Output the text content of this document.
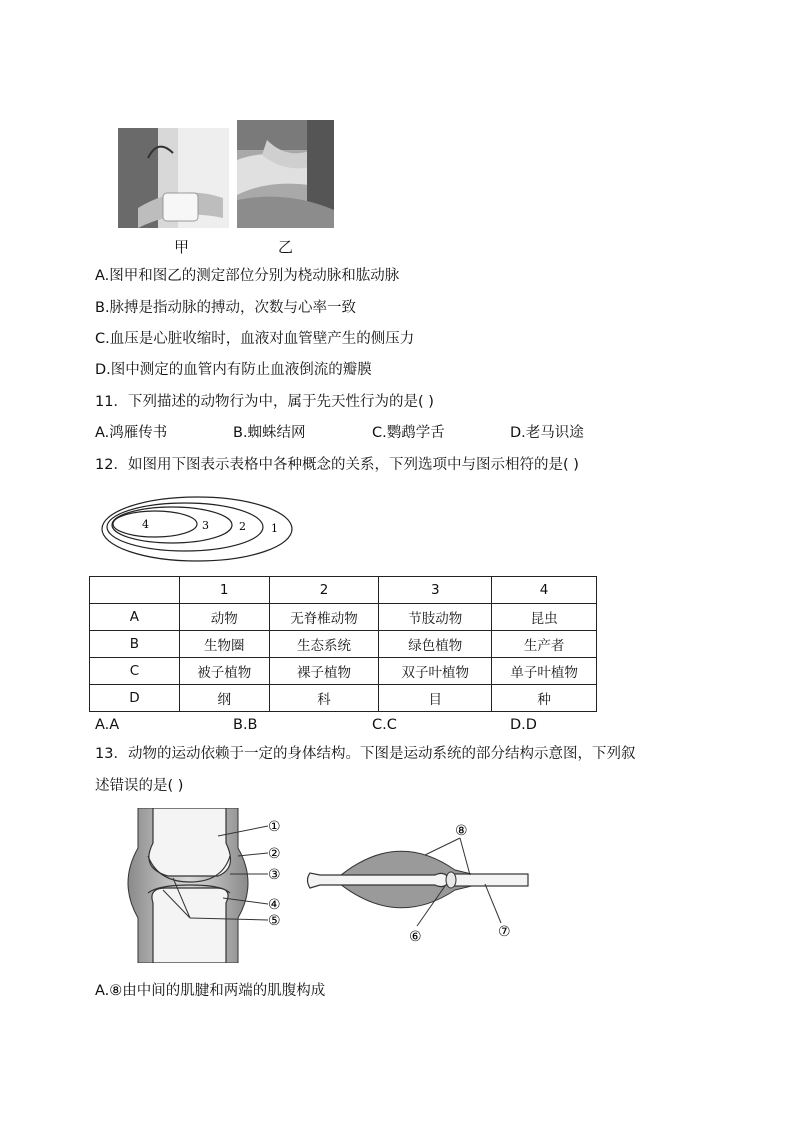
甲	乙
A.图甲和图乙的测定部位分别为桡动脉和肱动脉
B.脉搏是指动脉的搏动，次数与心率一致
C.血压是心脏收缩时，血液对血管壁产生的侧压力
D.图中测定的血管内有防止血液倒流的瓣膜
11．下列描述的动物行为中，属于先天性行为的是( )
A.鸿雁传书	B.蜘蛛结网	C.鹦鹉学舌	D.老马识途
12．如图用下图表示表格中各种概念的关系，下列选项中与图示相符的是( )
4	3	2 1
	1	2	3	4
A	动物	无脊椎动物	节肢动物	昆虫
B	生物圈	生态系统	绿色植物	生产者
C	被子植物	裸子植物	双子叶植物	单子叶植物
D	纲	科	目	种
A.A	B.B	C.C	D.D
13．动物的运动依赖于一定的身体结构。下图是运动系统的部分结构示意图，下列叙
述错误的是( )
①
②
③
④
⑤
⑧
⑥	⑦
A.⑧由中间的肌腱和两端的肌腹构成
